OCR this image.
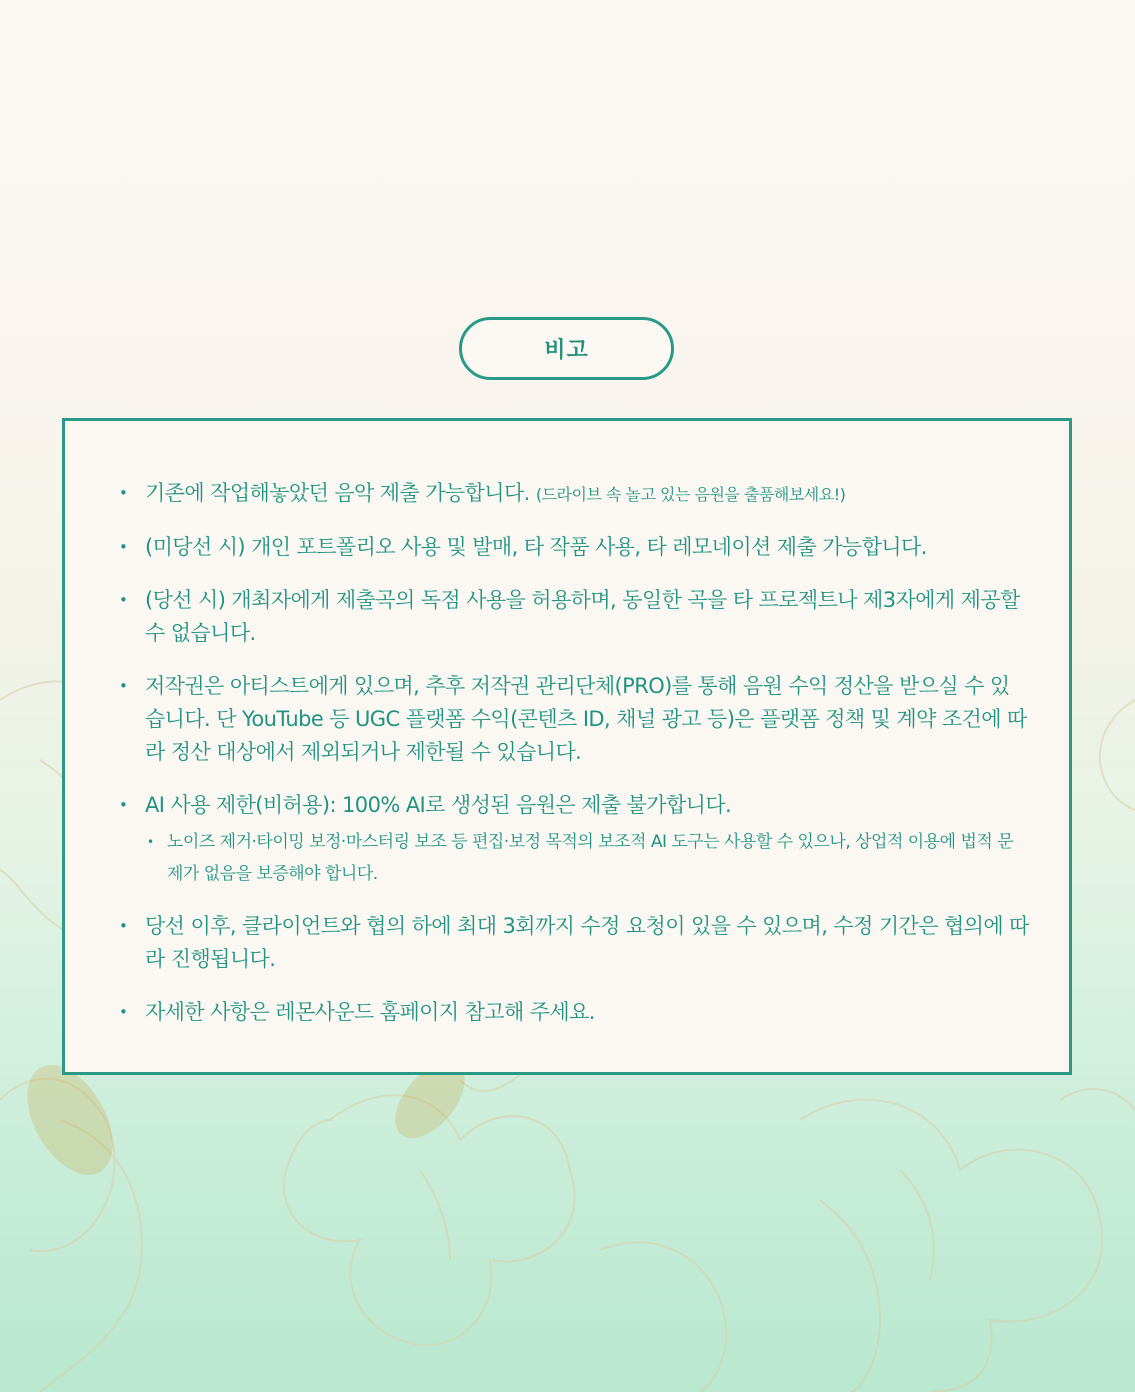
비고
• 기존에 작업해놓았던 음악 제출 가능합니다. (드라이브 속 놀고 있는 음원을 출품해보세요!)
• (미당선 시) 개인 포트폴리오 사용 및 발매, 타 작품 사용, 타 레모네이션 제출 가능합니다.
• (당선 시) 개최자에게 제출곡의 독점 사용을 허용하며, 동일한 곡을 타 프로젝트나 제3자에게 제공할 수 없습니다.
• 저작권은 아티스트에게 있으며, 추후 저작권 관리단체(PRO)를 통해 음원 수익 정산을 받으실 수 있습니다. 단 YouTube 등 UGC 플랫폼 수익(콘텐츠 ID, 채널 광고 등)은 플랫폼 정책 및 계약 조건에 따라 정산 대상에서 제외되거나 제한될 수 있습니다.
• AI 사용 제한(비허용): 100% AI로 생성된 음원은 제출 불가합니다.
• 노이즈 제거·타이밍 보정·마스터링 보조 등 편집·보정 목적의 보조적 AI 도구는 사용할 수 있으나, 상업적 이용에 법적 문제가 없음을 보증해야 합니다.
• 당선 이후, 클라이언트와 협의 하에 최대 3회까지 수정 요청이 있을 수 있으며, 수정 기간은 협의에 따라 진행됩니다.
• 자세한 사항은 레몬사운드 홈페이지 참고해 주세요.
